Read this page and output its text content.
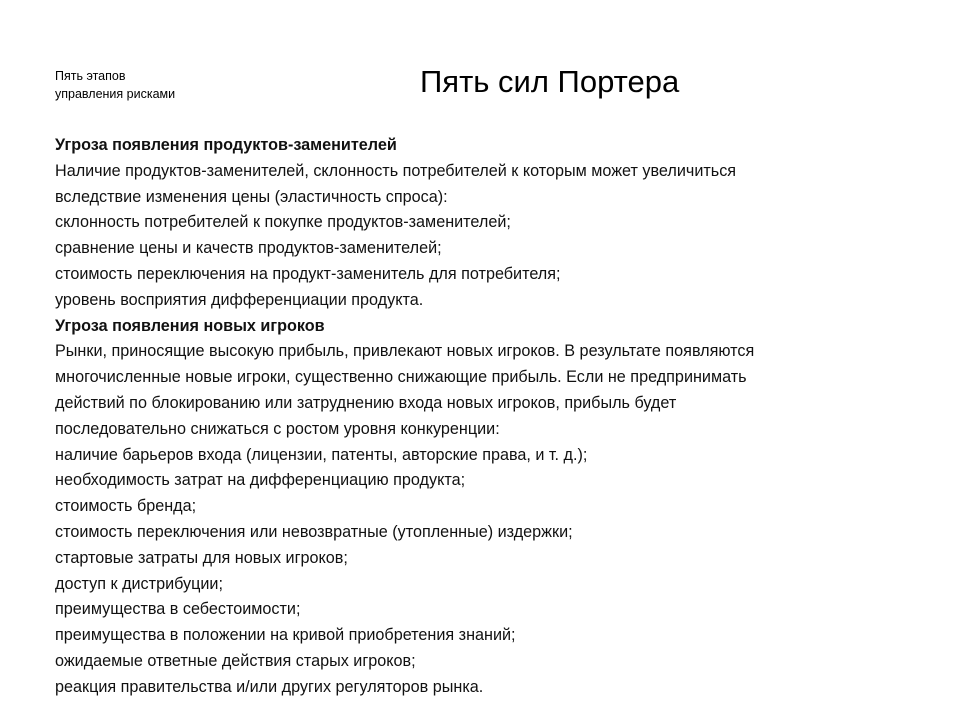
Пять этапов
управления рисками	Пять сил Портера
Угроза появления продуктов-заменителей
Наличие продуктов-заменителей, склонность потребителей к которым может увеличиться
вследствие изменения цены (эластичность спроса):
склонность потребителей к покупке продуктов-заменителей;
сравнение цены и качеств продуктов-заменителей;
стоимость переключения на продукт-заменитель для потребителя;
уровень восприятия дифференциации продукта.
Угроза появления новых игроков
Рынки, приносящие высокую прибыль, привлекают новых игроков. В результате появляются
многочисленные новые игроки, существенно снижающие прибыль. Если не предпринимать
действий по блокированию или затруднению входа новых игроков, прибыль будет
последовательно снижаться с ростом уровня конкуренции:
наличие барьеров входа (лицензии, патенты, авторские права, и т. д.);
необходимость затрат на дифференциацию продукта;
стоимость бренда;
стоимость переключения или невозвратные (утопленные) издержки;
стартовые затраты для новых игроков;
доступ к дистрибуции;
преимущества в себестоимости;
преимущества в положении на кривой приобретения знаний;
ожидаемые ответные действия старых игроков;
реакция правительства и/или других регуляторов рынка.
